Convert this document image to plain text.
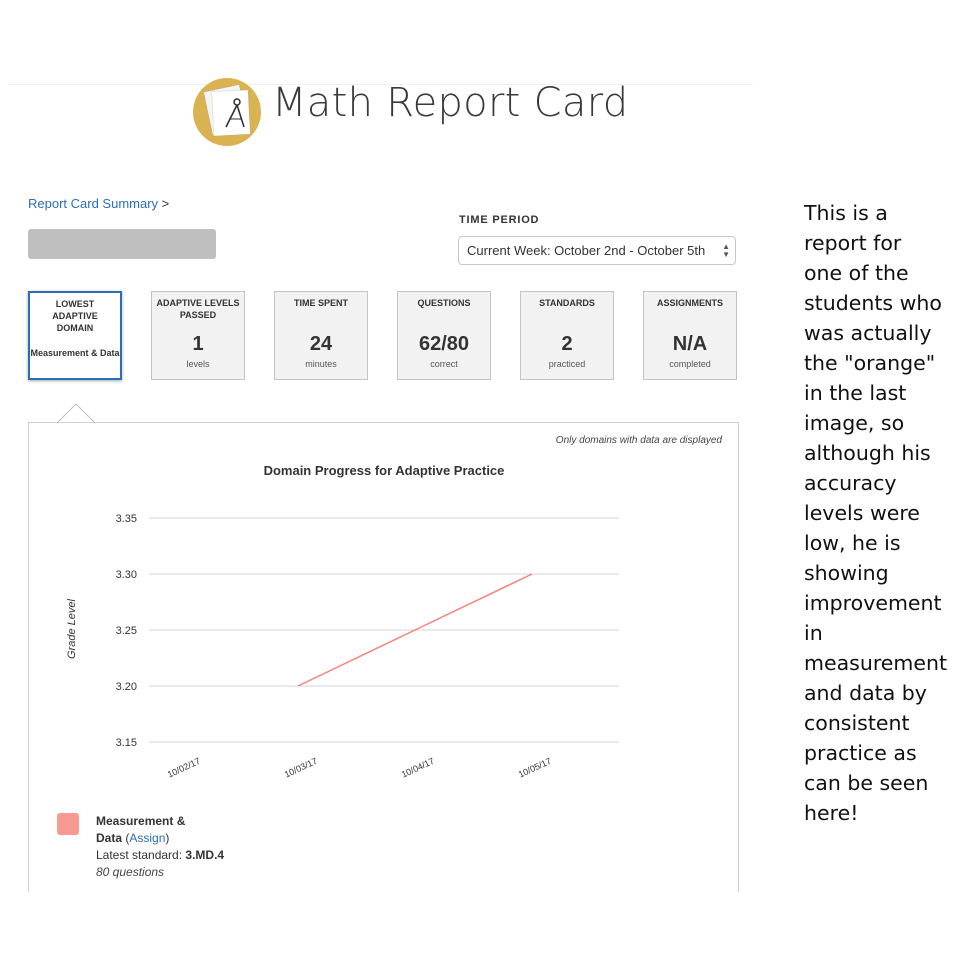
Math Report Card
Report Card Summary >
TIME PERIOD
Current Week: October 2nd - October 5th ▲
▼
LOWEST ADAPTIVE DOMAIN
Measurement & Data
ADAPTIVE LEVELS PASSED
1
levels
TIME SPENT
24
minutes
QUESTIONS
62/80
correct
STANDARDS
2
practiced
ASSIGNMENTS
N/A
completed
Only domains with data are displayed
Domain Progress for Adaptive Practice
Grade Level
3.35
3.30
3.25
3.20
3.15
10/02/17	10/03/17	10/04/17	10/05/17
Measurement &
Data (Assign)
Latest standard: 3.MD.4
80 questions
This is a
report for
one of the
students who
was actually
the "orange"
in the last
image, so
although his
accuracy
levels were
low, he is
showing
improvement
in
measurement
and data by
consistent
practice as
can be seen
here!
